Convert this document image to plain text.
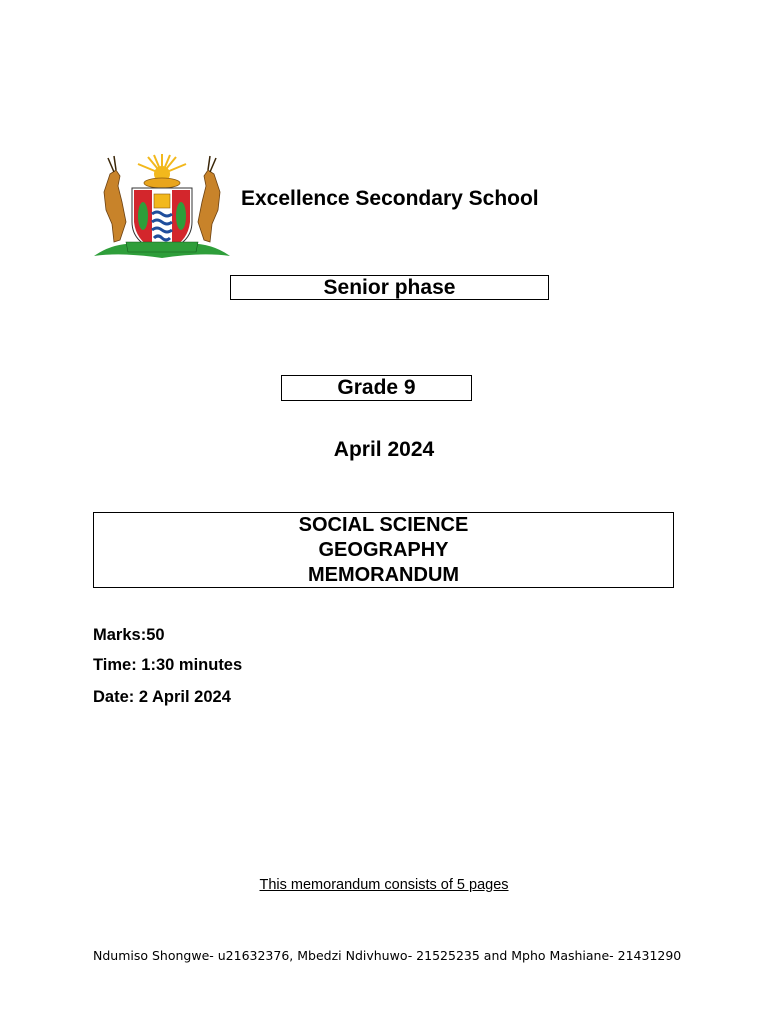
Excellence Secondary School
Senior phase
Grade 9
April 2024
SOCIAL SCIENCE
GEOGRAPHY
MEMORANDUM
Marks:50
Time: 1:30 minutes
Date: 2 April 2024
This memorandum consists of 5 pages
Ndumiso Shongwe- u21632376, Mbedzi Ndivhuwo- 21525235 and Mpho Mashiane- 21431290
